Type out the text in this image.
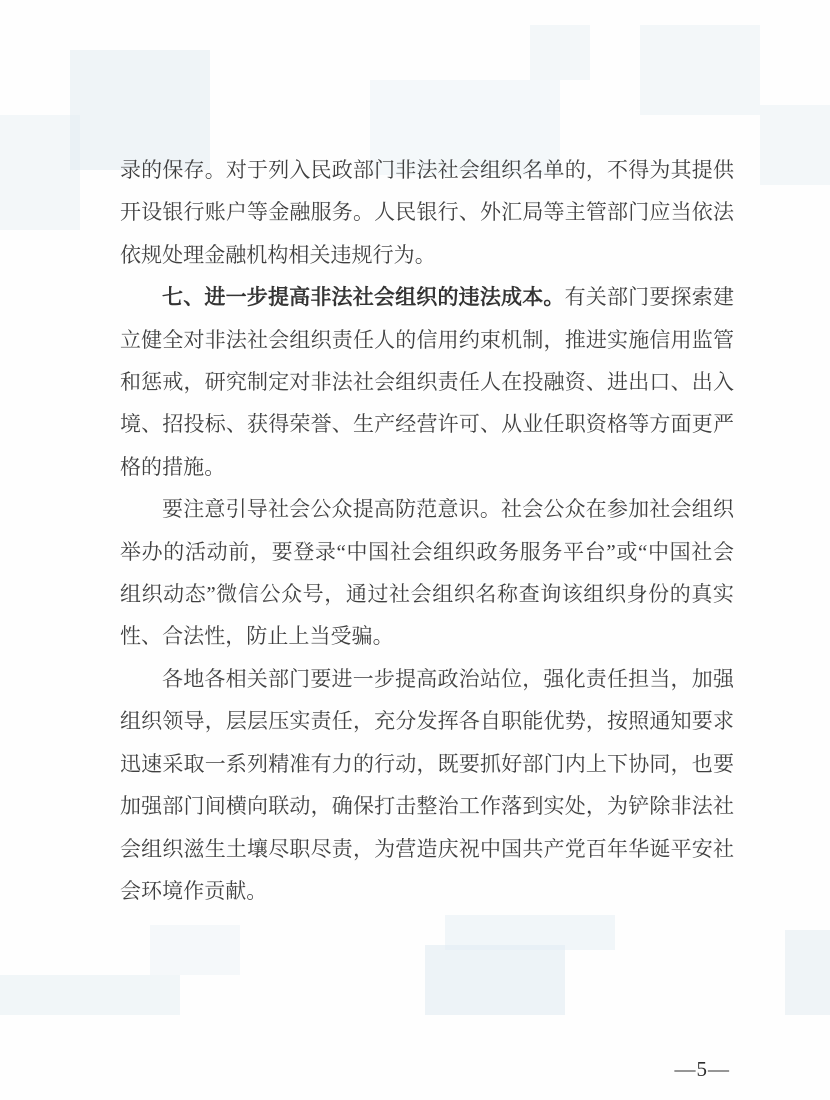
录的保存。对于列入民政部门非法社会组织名单的，不得为其提供开设银行账户等金融服务。人民银行、外汇局等主管部门应当依法依规处理金融机构相关违规行为。

七、进一步提高非法社会组织的违法成本。有关部门要探索建立健全对非法社会组织责任人的信用约束机制，推进实施信用监管和惩戒，研究制定对非法社会组织责任人在投融资、进出口、出入境、招投标、获得荣誉、生产经营许可、从业任职资格等方面更严格的措施。

要注意引导社会公众提高防范意识。社会公众在参加社会组织举办的活动前，要登录“中国社会组织政务服务平台”或“中国社会组织动态”微信公众号，通过社会组织名称查询该组织身份的真实性、合法性，防止上当受骗。

各地各相关部门要进一步提高政治站位，强化责任担当，加强组织领导，层层压实责任，充分发挥各自职能优势，按照通知要求迅速采取一系列精准有力的行动，既要抓好部门内上下协同，也要加强部门间横向联动，确保打击整治工作落到实处，为铲除非法社会组织滋生土壤尽职尽责，为营造庆祝中国共产党百年华诞平安社会环境作贡献。

—5—
